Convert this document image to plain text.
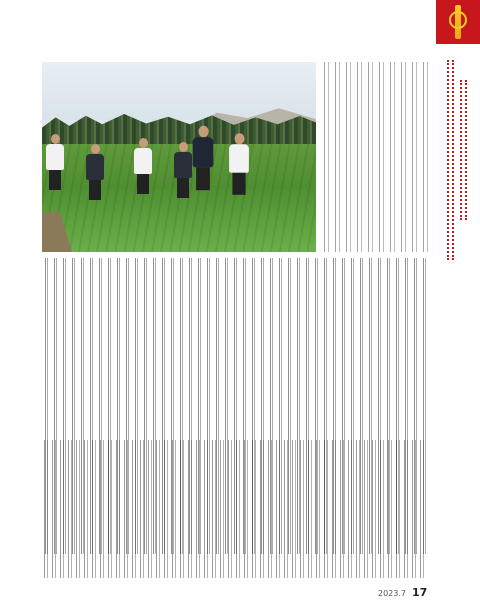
2023.7 17
